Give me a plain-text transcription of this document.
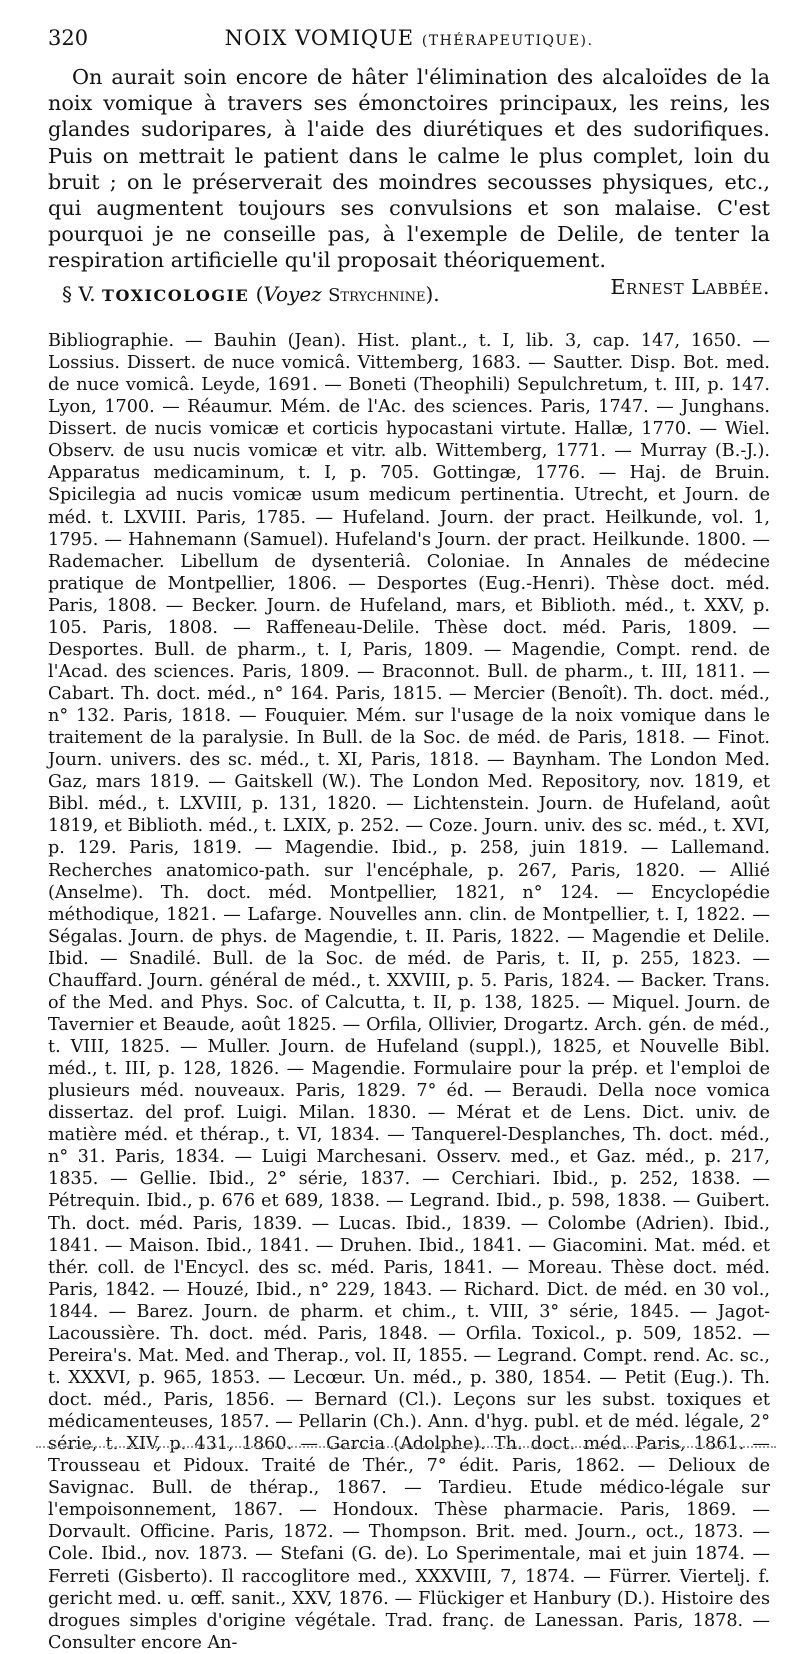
320	NOIX VOMIQUE (THÉRAPEUTIQUE).

On aurait soin encore de hâter l'élimination des alcaloïdes de la noix vomique à travers ses émonctoires principaux, les reins, les glandes sudoripares, à l'aide des diurétiques et des sudorifiques. Puis on mettrait le patient dans le calme le plus complet, loin du bruit ; on le préserverait des moindres secousses physiques, etc., qui augmentent toujours ses convulsions et son malaise. C'est pourquoi je ne conseille pas, à l'exemple de Delile, de tenter la respiration artificielle qu'il proposait théoriquement.
Ernest Labbée.

§ V. TOXICOLOGIE (Voyez Strychnine).

Bibliographie. — Bauhin (Jean). Hist. plant., t. I, lib. 3, cap. 147, 1650. — Lossius. Dissert. de nuce vomicâ. Vittemberg, 1683. — Sautter. Disp. Bot. med. de nuce vomicâ. Leyde, 1691. — Boneti (Theophili) Sepulchretum, t. III, p. 147. Lyon, 1700. — Réaumur. Mém. de l'Ac. des sciences. Paris, 1747. — Junghans. Dissert. de nucis vomicæ et corticis hypocastani virtute. Hallæ, 1770. — Wiel. Observ. de usu nucis vomicæ et vitr. alb. Wittemberg, 1771. — Murray (B.-J.). Apparatus medicaminum, t. I, p. 705. Gottingæ, 1776. — Haj. de Bruin. Spicilegia ad nucis vomicæ usum medicum pertinentia. Utrecht, et Journ. de méd. t. LXVIII. Paris, 1785. — Hufeland. Journ. der pract. Heilkunde, vol. 1, 1795. — Hahnemann (Samuel). Hufeland's Journ. der pract. Heilkunde. 1800. — Rademacher. Libellum de dysenteriâ. Coloniae. In Annales de médecine pratique de Montpellier, 1806. — Desportes (Eug.-Henri). Thèse doct. méd. Paris, 1808. — Becker. Journ. de Hufeland, mars, et Biblioth. méd., t. XXV, p. 105. Paris, 1808. — Raffeneau-Delile. Thèse doct. méd. Paris, 1809. — Desportes. Bull. de pharm., t. I, Paris, 1809. — Magendie, Compt. rend. de l'Acad. des sciences. Paris, 1809. — Braconnot. Bull. de pharm., t. III, 1811. — Cabart. Th. doct. méd., n° 164. Paris, 1815. — Mercier (Benoît). Th. doct. méd., n° 132. Paris, 1818. — Fouquier. Mém. sur l'usage de la noix vomique dans le traitement de la paralysie. In Bull. de la Soc. de méd. de Paris, 1818. — Finot. Journ. univers. des sc. méd., t. XI, Paris, 1818. — Baynham. The London Med. Gaz, mars 1819. — Gaitskell (W.). The London Med. Repository, nov. 1819, et Bibl. méd., t. LXVIII, p. 131, 1820. — Lichtenstein. Journ. de Hufeland, août 1819, et Biblioth. méd., t. LXIX, p. 252. — Coze. Journ. univ. des sc. méd., t. XVI, p. 129. Paris, 1819. — Magendie. Ibid., p. 258, juin 1819. — Lallemand. Recherches anatomico-path. sur l'encéphale, p. 267, Paris, 1820. — Allié (Anselme). Th. doct. méd. Montpellier, 1821, n° 124. — Encyclopédie méthodique, 1821. — Lafarge. Nouvelles ann. clin. de Montpellier, t. I, 1822. — Ségalas. Journ. de phys. de Magendie, t. II. Paris, 1822. — Magendie et Delile. Ibid. — Snadilé. Bull. de la Soc. de méd. de Paris, t. II, p. 255, 1823. — Chauffard. Journ. général de méd., t. XXVIII, p. 5. Paris, 1824. — Backer. Trans. of the Med. and Phys. Soc. of Calcutta, t. II, p. 138, 1825. — Miquel. Journ. de Tavernier et Beaude, août 1825. — Orfila, Ollivier, Drogartz. Arch. gén. de méd., t. VIII, 1825. — Muller. Journ. de Hufeland (suppl.), 1825, et Nouvelle Bibl. méd., t. III, p. 128, 1826. — Magendie. Formulaire pour la prép. et l'emploi de plusieurs méd. nouveaux. Paris, 1829. 7° éd. — Beraudi. Della noce vomica dissertaz. del prof. Luigi. Milan. 1830. — Mérat et de Lens. Dict. univ. de matière méd. et thérap., t. VI, 1834. — Tanquerel-Desplanches, Th. doct. méd., n° 31. Paris, 1834. — Luigi Marchesani. Osserv. med., et Gaz. méd., p. 217, 1835. — Gellie. Ibid., 2° série, 1837. — Cerchiari. Ibid., p. 252, 1838. — Pétrequin. Ibid., p. 676 et 689, 1838. — Legrand. Ibid., p. 598, 1838. — Guibert. Th. doct. méd. Paris, 1839. — Lucas. Ibid., 1839. — Colombe (Adrien). Ibid., 1841. — Maison. Ibid., 1841. — Druhen. Ibid., 1841. — Giacomini. Mat. méd. et thér. coll. de l'Encycl. des sc. méd. Paris, 1841. — Moreau. Thèse doct. méd. Paris, 1842. — Houzé, Ibid., n° 229, 1843. — Richard. Dict. de méd. en 30 vol., 1844. — Barez. Journ. de pharm. et chim., t. VIII, 3° série, 1845. — Jagot-Lacoussière. Th. doct. méd. Paris, 1848. — Orfila. Toxicol., p. 509, 1852. — Pereira's. Mat. Med. and Therap., vol. II, 1855. — Legrand. Compt. rend. Ac. sc., t. XXXVI, p. 965, 1853. — Lecœur. Un. méd., p. 380, 1854. — Petit (Eug.). Th. doct. méd., Paris, 1856. — Bernard (Cl.). Leçons sur les subst. toxiques et médicamenteuses, 1857. — Pellarin (Ch.). Ann. d'hyg. publ. et de méd. légale, 2° série, t. XIV, p. 431, 1860. — Garcia (Adolphe). Th. doct. méd. Paris, 1861. — Trousseau et Pidoux. Traité de Thér., 7° édit. Paris, 1862. — Delioux de Savignac. Bull. de thérap., 1867. — Tardieu. Etude médico-légale sur l'empoisonnement, 1867. — Hondoux. Thèse pharmacie. Paris, 1869. — Dorvault. Officine. Paris, 1872. — Thompson. Brit. med. Journ., oct., 1873. — Cole. Ibid., nov. 1873. — Stefani (G. de). Lo Sperimentale, mai et juin 1874. — Ferreti (Gisberto). Il raccoglitore med., XXXVIII, 7, 1874. — Fürrer. Viertelj. f. gericht med. u. œff. sanit., XXV, 1876. — Flückiger et Hanbury (D.). Histoire des drogues simples d'origine végétale. Trad. franç. de Lanessan. Paris, 1878. — Consulter encore An-
